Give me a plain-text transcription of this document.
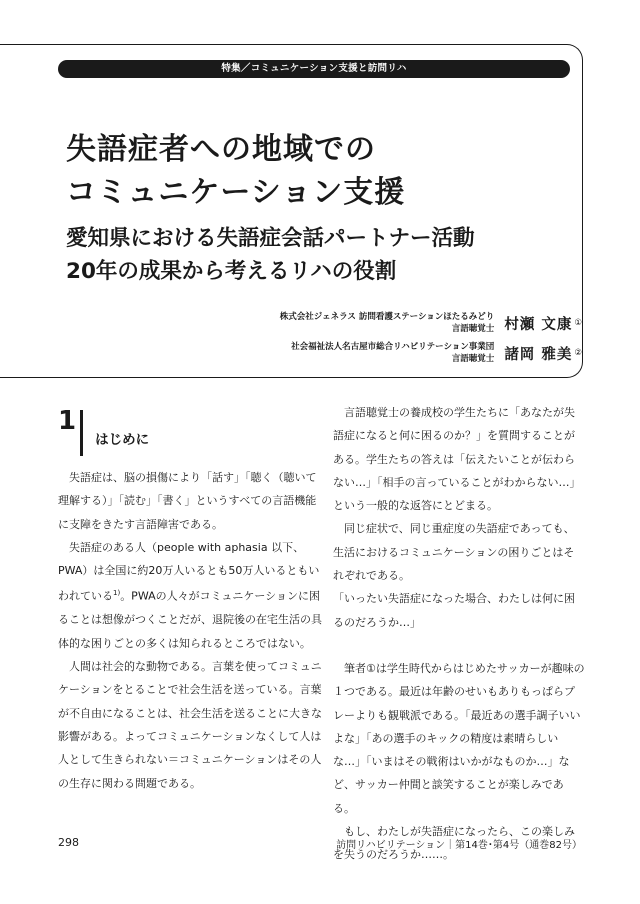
特集／コミュニケーション支援と訪問リハ
失語症者への地域での
コミュニケーション支援
愛知県における失語症会話パートナー活動
20年の成果から考えるリハの役割
株式会社ジェネラス 訪問看護ステーションほたるみどり
言語聴覚士 村瀬 文康 ①
社会福祉法人名古屋市総合リハビリテーション事業団
言語聴覚士 諸岡 雅美 ②
1
はじめに

失語症は、脳の損傷により「話す」「聴く（聴いて理解する）」「読む」「書く」というすべての言語機能に支障をきたす言語障害である。

失語症のある人（people with aphasia 以下、PWA）は全国に約20万人いるとも50万人いるともいわれている$^{1)}$。PWAの人々がコミュニケーションに困ることは想像がつくことだが、退院後の在宅生活の具体的な困りごとの多くは知られるところではない。

人間は社会的な動物である。言葉を使ってコミュニケーションをとることで社会生活を送っている。言葉が不自由になることは、社会生活を送ることに大きな影響がある。よってコミュニケーションなくして人は人として生きられない＝コミュニケーションはその人の生存に関わる問題である。

言語聴覚士の養成校の学生たちに「あなたが失語症になると何に困るのか？」を質問することがある。学生たちの答えは「伝えたいことが伝わらない…」「相手の言っていることがわからない…」という一般的な返答にとどまる。

同じ症状で、同じ重症度の失語症であっても、生活におけるコミュニケーションの困りごとはそれぞれである。

「いったい失語症になった場合、わたしは何に困るのだろうか…」

筆者①は学生時代からはじめたサッカーが趣味の１つである。最近は年齢のせいもありもっぱらプレーよりも観戦派である。「最近あの選手調子いいよな」「あの選手のキックの精度は素晴らしいな…」「いまはその戦術はいかがなものか…」など、サッカー仲間と談笑することが楽しみである。

もし、わたしが失語症になったら、この楽しみを失うのだろうか……。

298	訪問リハビリテーション｜第14巻･第4号（通巻82号）
